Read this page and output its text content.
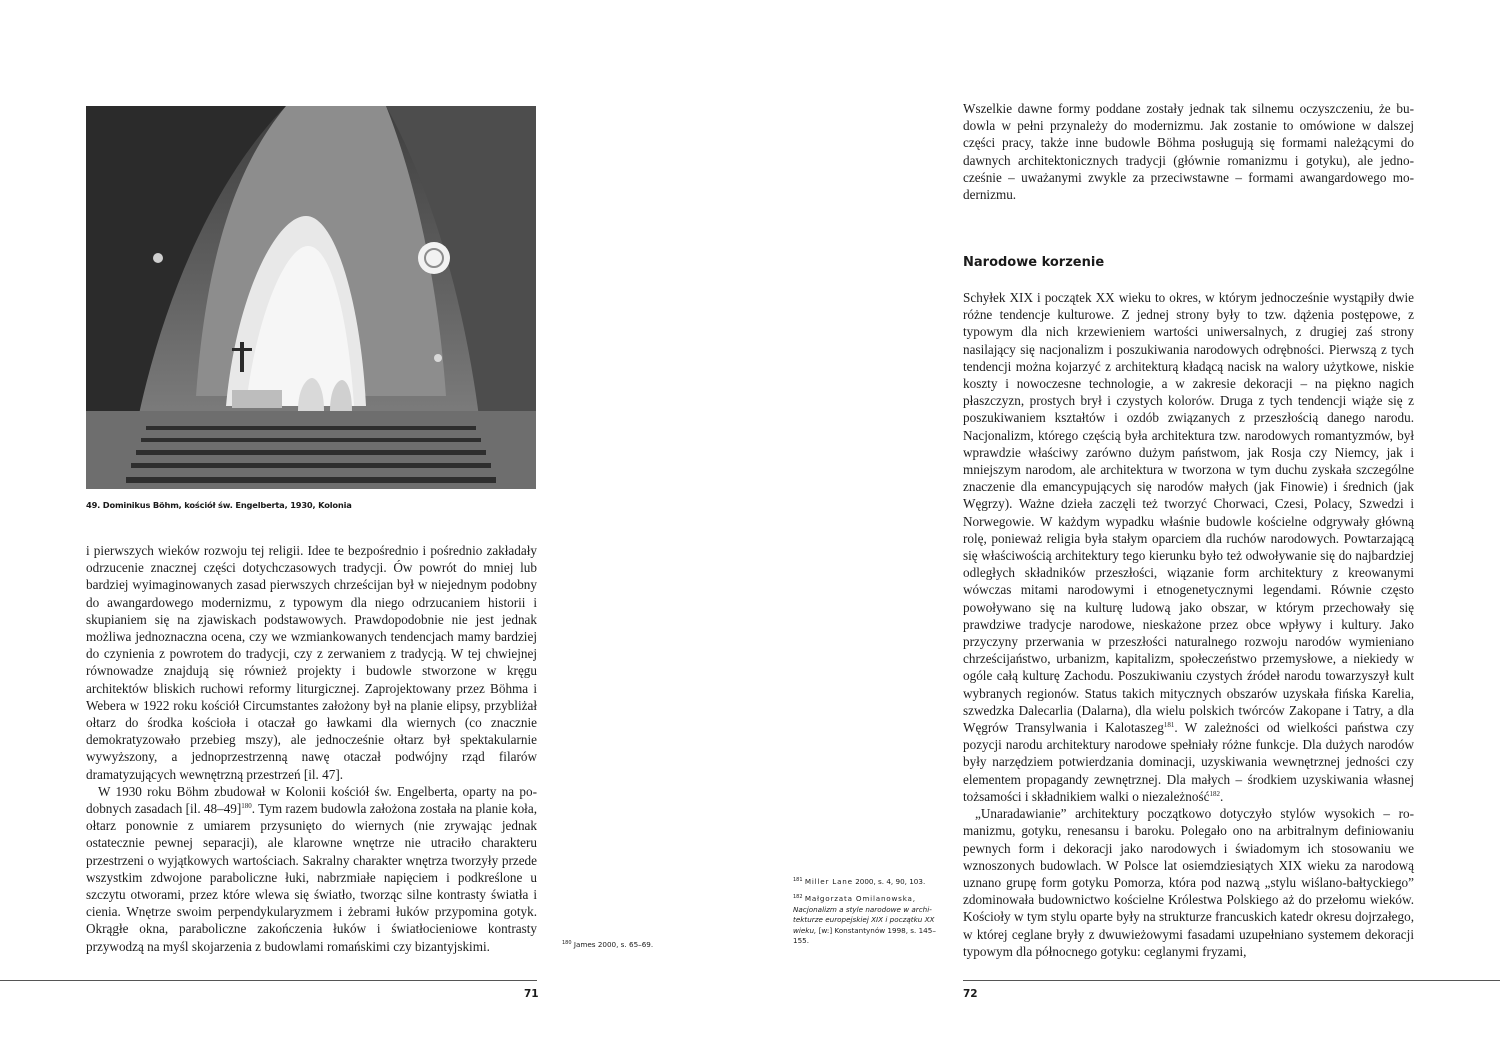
49. Dominikus Böhm, kościół św. Engelberta, 1930, Kolonia

i pierwszych wieków rozwoju tej religii. Idee te bezpośrednio i pośrednio zakładały odrzucenie znacznej części dotychczasowych tradycji. Ów powrót do mniej lub bardziej wyimaginowanych zasad pierwszych chrześcijan był w niejednym podobny do awangardowego modernizmu, z typowym dla niego odrzucaniem historii i skupianiem się na zjawiskach podstawowych. Prawdopodobnie nie jest jednak możliwa jednoznaczna ocena, czy we wzmiankowanych tendencjach mamy bardziej do czynienia z powrotem do tradycji, czy z zerwaniem z tradycją. W tej chwiejnej równowadze znajdują się również projekty i budowle stworzone w kręgu architektów bliskich ruchowi reformy liturgicznej. Zaprojektowany przez Böhma i Webera w 1922 roku kościół Circumstantes założony był na planie elipsy, przybliżał ołtarz do środka kościoła i otaczał go ławkami dla wiernych (co znacznie demokratyzowało przebieg mszy), ale jednocześnie ołtarz był spektakularnie wywyższony, a jednoprzestrzenną nawę otaczał podwójny rząd filarów dramatyzujących wewnętrzną przestrzeń [il. 47].

W 1930 roku Böhm zbudował w Kolonii kościół św. Engelberta, oparty na podobnych zasadach [il. 48–49]$^{180}$. Tym razem budowla założona została na planie koła, ołtarz ponownie z umiarem przysunięto do wiernych (nie zrywając jednak ostatecznie pewnej separacji), ale klarowne wnętrze nie utraciło charakteru przestrzeni o wyjątkowych wartościach. Sakralny charakter wnętrza tworzyły przede wszystkim zdwojone paraboliczne łuki, nabrzmiałe napięciem i podkreślone u szczytu otworami, przez które wlewa się światło, tworząc silne kontrasty światła i cienia. Wnętrze swoim perpendykularyzmem i żebrami łuków przypomina gotyk. Okrągłe okna, paraboliczne zakończenia łuków i światłocieniowe kontrasty przywodzą na myśl skojarzenia z budowlami romańskimi czy bizantyjskimi.	$^{180}$ James 2000, s. 65–69.

71

$^{181}$ Miller Lane 2000, s. 4, 90, 103.

$^{182}$ Małgorzata Omilanowska, Nacjonalizm a style narodowe w architekturze europejskiej XIX i początku XX wieku, [w:] Konstantynów 1998, s. 145–155.

Wszelkie dawne formy poddane zostały jednak tak silnemu oczyszczeniu, że budowla w pełni przynależy do modernizmu. Jak zostanie to omówione w dalszej części pracy, także inne budowle Böhma posługują się formami należącymi do dawnych architektonicznych tradycji (głównie romanizmu i gotyku), ale jednocześnie – uważanymi zwykle za przeciwstawne – formami awangardowego modernizmu.

Narodowe korzenie

Schyłek XIX i początek XX wieku to okres, w którym jednocześnie wystąpiły dwie różne tendencje kulturowe. Z jednej strony były to tzw. dążenia postępowe, z typowym dla nich krzewieniem wartości uniwersalnych, z drugiej zaś strony nasilający się nacjonalizm i poszukiwania narodowych odrębności. Pierwszą z tych tendencji można kojarzyć z architekturą kładącą nacisk na walory użytkowe, niskie koszty i nowoczesne technologie, a w zakresie dekoracji – na piękno nagich płaszczyzn, prostych brył i czystych kolorów. Druga z tych tendencji wiąże się z poszukiwaniem kształtów i ozdób związanych z przeszłością danego narodu. Nacjonalizm, którego częścią była architektura tzw. narodowych romantyzmów, był wprawdzie właściwy zarówno dużym państwom, jak Rosja czy Niemcy, jak i mniejszym narodom, ale architektura w tworzona w tym duchu zyskała szczególne znaczenie dla emancypujących się narodów małych (jak Finowie) i średnich (jak Węgrzy). Ważne dzieła zaczęli też tworzyć Chorwaci, Czesi, Polacy, Szwedzi i Norwegowie. W każdym wypadku właśnie budowle kościelne odgrywały główną rolę, ponieważ religia była stałym oparciem dla ruchów narodowych. Powtarzającą się właściwością architektury tego kierunku było też odwoływanie się do najbardziej odległych składników przeszłości, wiązanie form architektury z kreowanymi wówczas mitami narodowymi i etnogenetycznymi legendami. Równie często powoływano się na kulturę ludową jako obszar, w którym przechowały się prawdziwe tradycje narodowe, nieskażone przez obce wpływy i kultury. Jako przyczyny przerwania w przeszłości naturalnego rozwoju narodów wymieniano chrześcijaństwo, urbanizm, kapitalizm, społeczeństwo przemysłowe, a niekiedy w ogóle całą kulturę Zachodu. Poszukiwaniu czystych źródeł narodu towarzyszył kult wybranych regionów. Status takich mitycznych obszarów uzyskała fińska Karelia, szwedzka Dalecarlia (Dalarna), dla wielu polskich twórców Zakopane i Tatry, a dla Węgrów Transylwania i Kalotaszeg$^{181}$. W zależności od wielkości państwa czy pozycji narodu architektury narodowe spełniały różne funkcje. Dla dużych narodów były narzędziem potwierdzania dominacji, uzyskiwania wewnętrznej jedności czy elementem propagandy zewnętrznej. Dla małych – środkiem uzyskiwania własnej tożsamości i składnikiem walki o niezależność$^{182}$.

„Unaradawianie” architektury początkowo dotyczyło stylów wysokich – romanizmu, gotyku, renesansu i baroku. Polegało ono na arbitralnym definiowaniu pewnych form i dekoracji jako narodowych i świadomym ich stosowaniu we wznoszonych budowlach. W Polsce lat osiemdziesiątych XIX wieku za narodową uznano grupę form gotyku Pomorza, która pod nazwą „stylu wiślano-bałtyckiego” zdominowała budownictwo kościelne Królestwa Polskiego aż do przełomu wieków. Kościoły w tym stylu oparte były na strukturze francuskich katedr okresu dojrzałego, w której ceglane bryły z dwuwieżowymi fasadami uzupełniano systemem dekoracji typowym dla północnego gotyku: ceglanymi fryzami,

72
